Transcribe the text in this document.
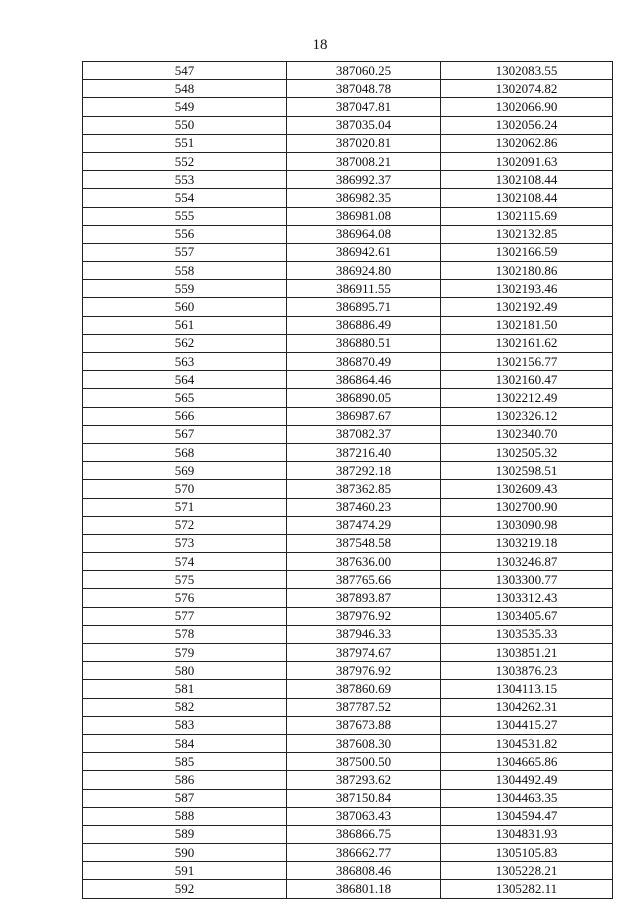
18
547	387060.25	1302083.55
548	387048.78	1302074.82
549	387047.81	1302066.90
550	387035.04	1302056.24
551	387020.81	1302062.86
552	387008.21	1302091.63
553	386992.37	1302108.44
554	386982.35	1302108.44
555	386981.08	1302115.69
556	386964.08	1302132.85
557	386942.61	1302166.59
558	386924.80	1302180.86
559	386911.55	1302193.46
560	386895.71	1302192.49
561	386886.49	1302181.50
562	386880.51	1302161.62
563	386870.49	1302156.77
564	386864.46	1302160.47
565	386890.05	1302212.49
566	386987.67	1302326.12
567	387082.37	1302340.70
568	387216.40	1302505.32
569	387292.18	1302598.51
570	387362.85	1302609.43
571	387460.23	1302700.90
572	387474.29	1303090.98
573	387548.58	1303219.18
574	387636.00	1303246.87
575	387765.66	1303300.77
576	387893.87	1303312.43
577	387976.92	1303405.67
578	387946.33	1303535.33
579	387974.67	1303851.21
580	387976.92	1303876.23
581	387860.69	1304113.15
582	387787.52	1304262.31
583	387673.88	1304415.27
584	387608.30	1304531.82
585	387500.50	1304665.86
586	387293.62	1304492.49
587	387150.84	1304463.35
588	387063.43	1304594.47
589	386866.75	1304831.93
590	386662.77	1305105.83
591	386808.46	1305228.21
592	386801.18	1305282.11
